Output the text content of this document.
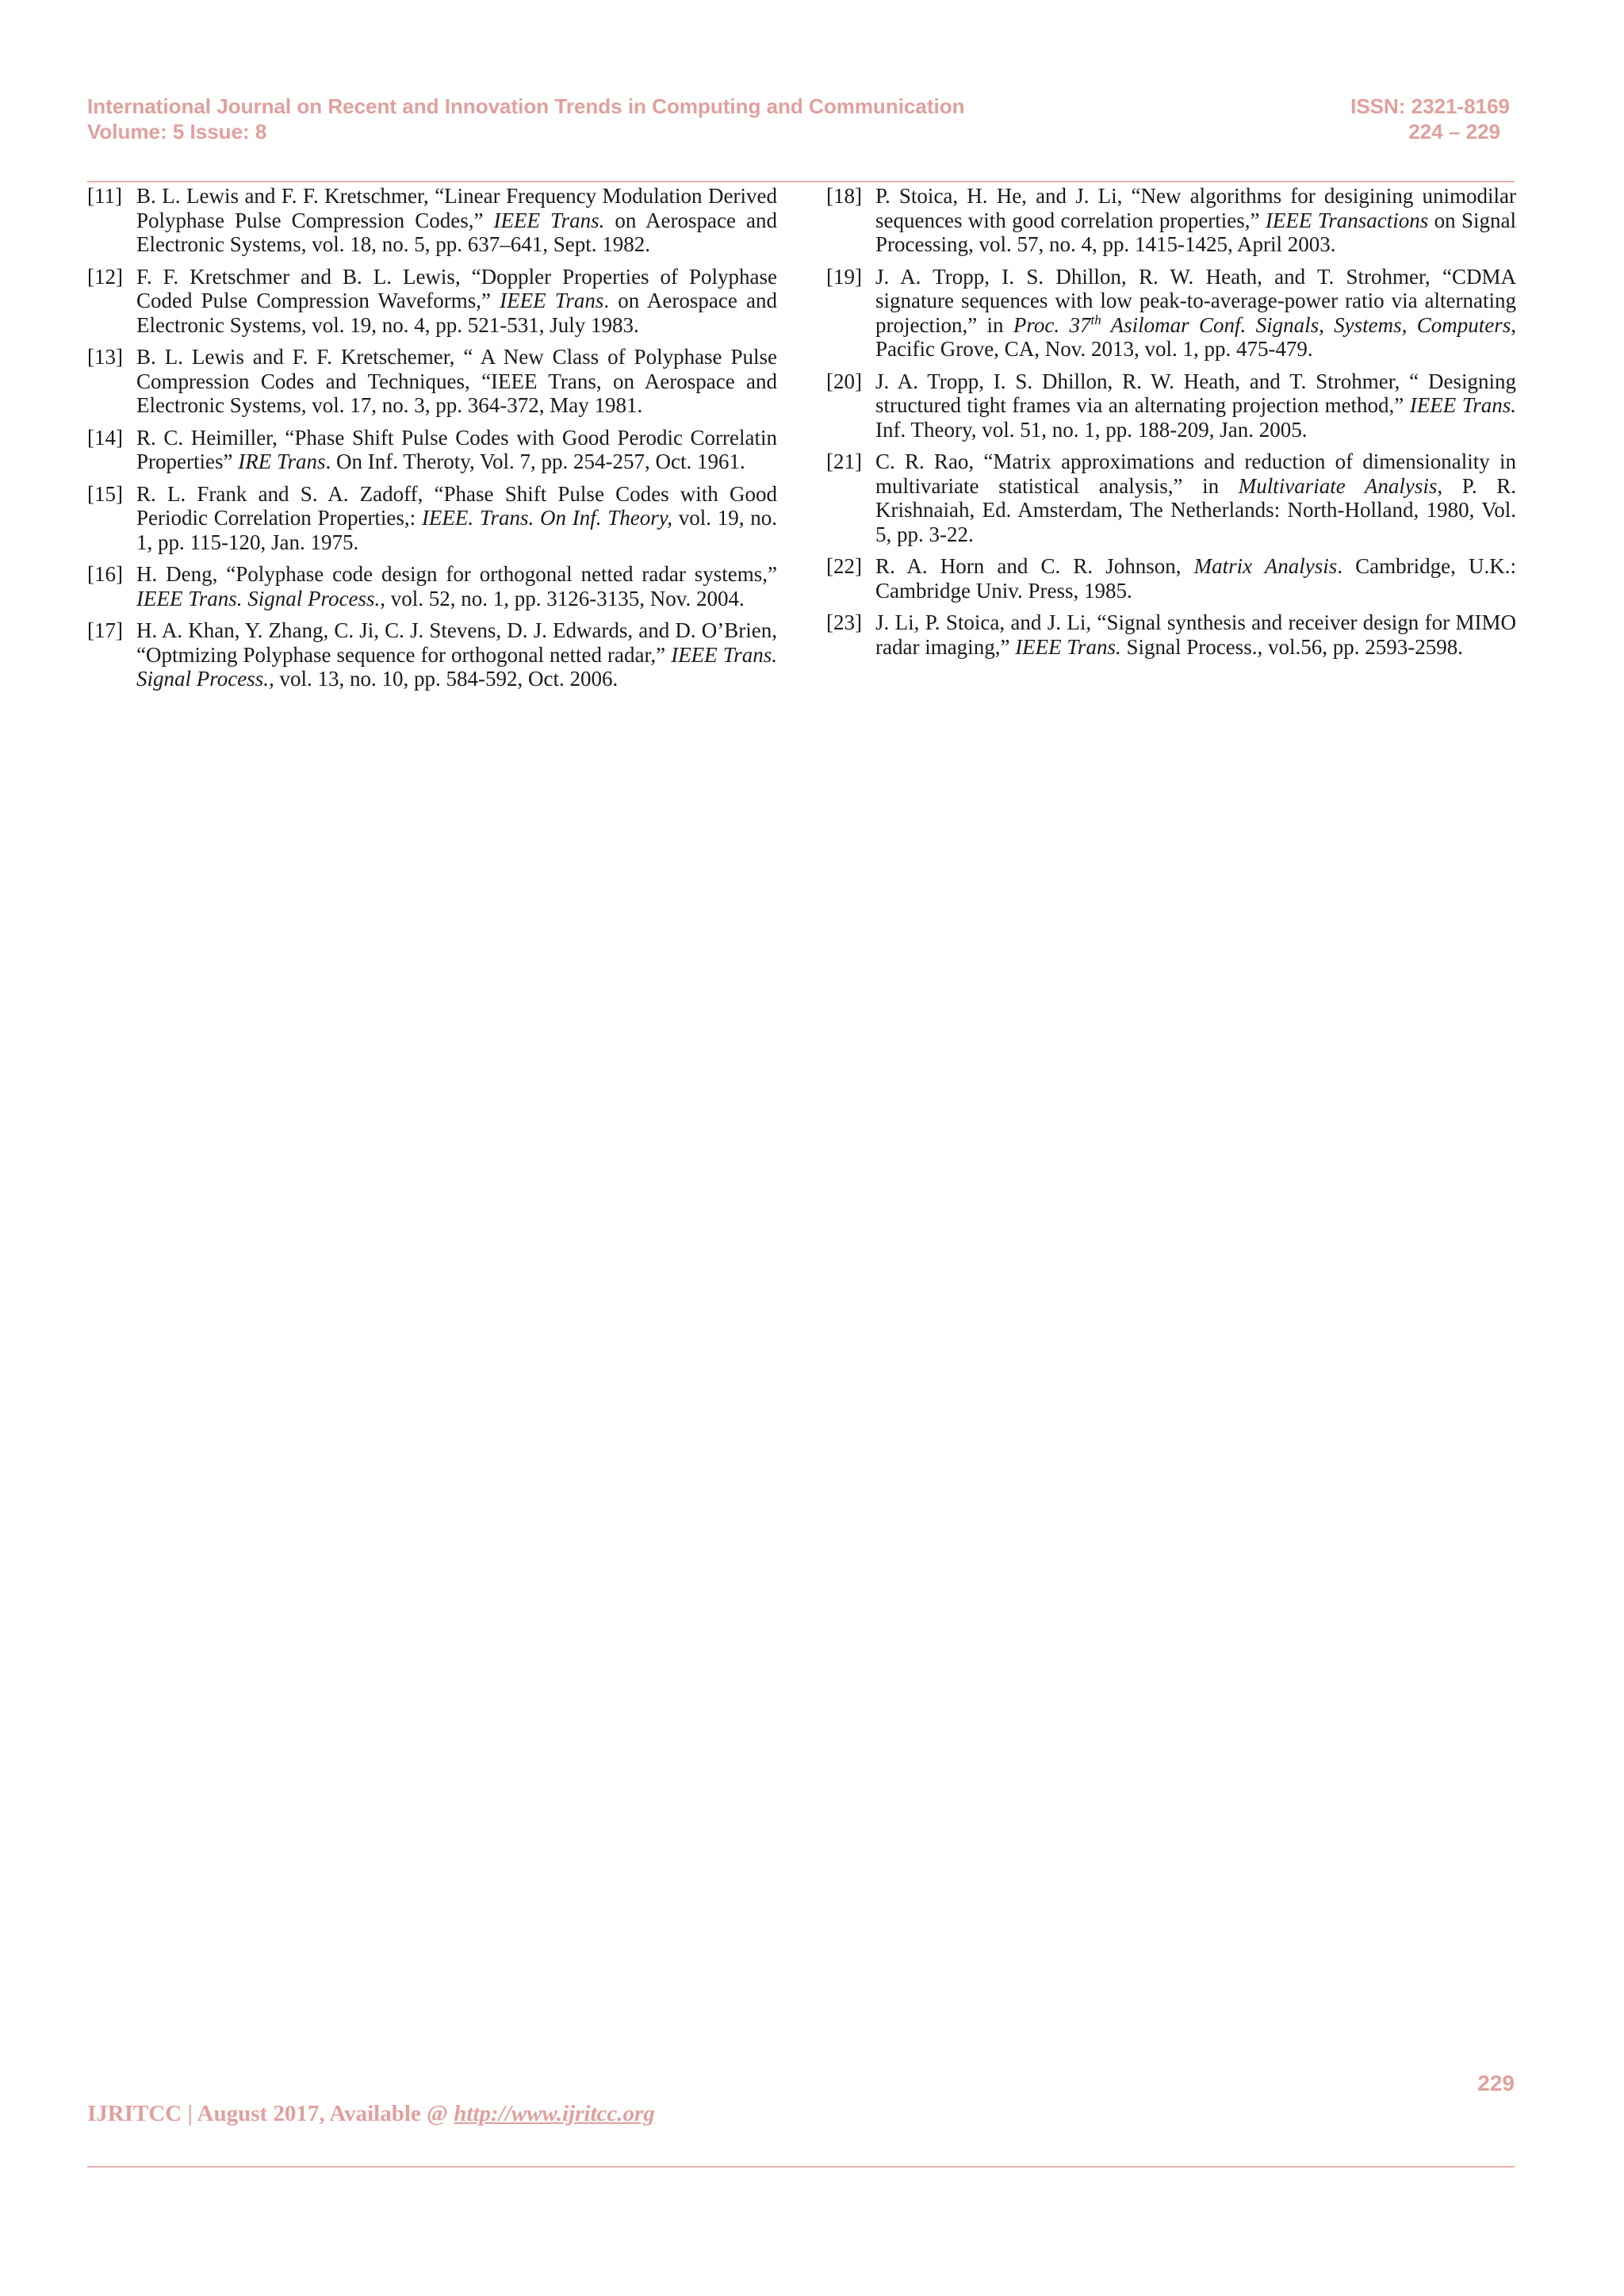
International Journal on Recent and Innovation Trends in Computing and Communication	ISSN: 2321-8169
Volume: 5 Issue: 8	224 – 229
[11] B. L. Lewis and F. F. Kretschmer, “Linear Frequency Modulation Derived Polyphase Pulse Compression Codes,” IEEE Trans. on Aerospace and Electronic Systems, vol. 18, no. 5, pp. 637–641, Sept. 1982.
[12] F. F. Kretschmer and B. L. Lewis, “Doppler Properties of Polyphase Coded Pulse Compression Waveforms,” IEEE Trans. on Aerospace and Electronic Systems, vol. 19, no. 4, pp. 521-531, July 1983.
[13] B. L. Lewis and F. F. Kretschemer, “ A New Class of Polyphase Pulse Compression Codes and Techniques, “IEEE Trans, on Aerospace and Electronic Systems, vol. 17, no. 3, pp. 364-372, May 1981.
[14] R. C. Heimiller, “Phase Shift Pulse Codes with Good Perodic Correlatin Properties” IRE Trans. On Inf. Theroty, Vol. 7, pp. 254-257, Oct. 1961.
[15] R. L. Frank and S. A. Zadoff, “Phase Shift Pulse Codes with Good Periodic Correlation Properties,: IEEE. Trans. On Inf. Theory, vol. 19, no. 1, pp. 115-120, Jan. 1975.
[16] H. Deng, “Polyphase code design for orthogonal netted radar systems,” IEEE Trans. Signal Process., vol. 52, no. 1, pp. 3126-3135, Nov. 2004.
[17] H. A. Khan, Y. Zhang, C. Ji, C. J. Stevens, D. J. Edwards, and D. O’Brien, “Optmizing Polyphase sequence for orthogonal netted radar,” IEEE Trans. Signal Process., vol. 13, no. 10, pp. 584-592, Oct. 2006.
[18] P. Stoica, H. He, and J. Li, “New algorithms for desigining unimodilar sequences with good correlation properties,” IEEE Transactions on Signal Processing, vol. 57, no. 4, pp. 1415-1425, April 2003.
[19] J. A. Tropp, I. S. Dhillon, R. W. Heath, and T. Strohmer, “CDMA signature sequences with low peak-to-average-power ratio via alternating projection,” in Proc. 37th Asilomar Conf. Signals, Systems, Computers, Pacific Grove, CA, Nov. 2013, vol. 1, pp. 475-479.
[20] J. A. Tropp, I. S. Dhillon, R. W. Heath, and T. Strohmer, “ Designing structured tight frames via an alternating projection method,” IEEE Trans. Inf. Theory, vol. 51, no. 1, pp. 188-209, Jan. 2005.
[21] C. R. Rao, “Matrix approximations and reduction of dimensionality in multivariate statistical analysis,” in Multivariate Analysis, P. R. Krishnaiah, Ed. Amsterdam, The Netherlands: North-Holland, 1980, Vol. 5, pp. 3-22.
[22] R. A. Horn and C. R. Johnson, Matrix Analysis. Cambridge, U.K.: Cambridge Univ. Press, 1985.
[23] J. Li, P. Stoica, and J. Li, “Signal synthesis and receiver design for MIMO radar imaging,” IEEE Trans. Signal Process., vol.56, pp. 2593-2598.
229
IJRITCC | August 2017, Available @ http://www.ijritcc.org
